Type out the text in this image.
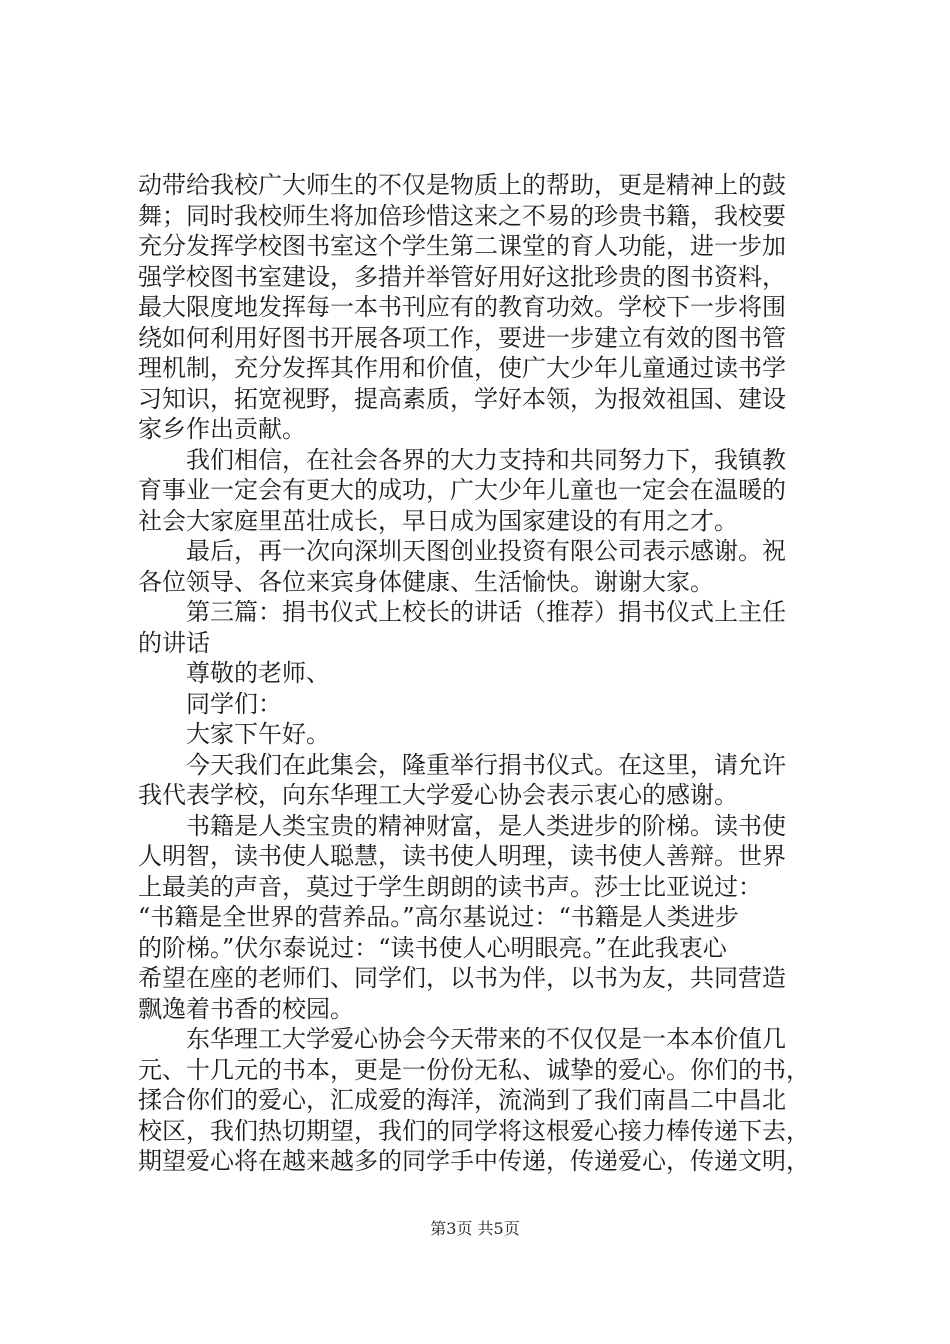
动带给我校广大师生的不仅是物质上的帮助，更是精神上的鼓
舞；同时我校师生将加倍珍惜这来之不易的珍贵书籍，我校要
充分发挥学校图书室这个学生第二课堂的育人功能，进一步加
强学校图书室建设，多措并举管好用好这批珍贵的图书资料，
最大限度地发挥每一本书刊应有的教育功效。学校下一步将围
绕如何利用好图书开展各项工作，要进一步建立有效的图书管
理机制，充分发挥其作用和价值，使广大少年儿童通过读书学
习知识，拓宽视野，提高素质，学好本领，为报效祖国、建设
家乡作出贡献。
我们相信，在社会各界的大力支持和共同努力下，我镇教
育事业一定会有更大的成功，广大少年儿童也一定会在温暖的
社会大家庭里茁壮成长，早日成为国家建设的有用之才。
最后，再一次向深圳天图创业投资有限公司表示感谢。祝
各位领导、各位来宾身体健康、生活愉快。谢谢大家。
第三篇：捐书仪式上校长的讲话（推荐）捐书仪式上主任
的讲话
尊敬的老师、
同学们：
大家下午好。
今天我们在此集会，隆重举行捐书仪式。在这里，请允许
我代表学校，向东华理工大学爱心协会表示衷心的感谢。
书籍是人类宝贵的精神财富，是人类进步的阶梯。读书使
人明智，读书使人聪慧，读书使人明理，读书使人善辩。世界
上最美的声音，莫过于学生朗朗的读书声。莎士比亚说过：
“书籍是全世界的营养品。”高尔基说过：“书籍是人类进步
的阶梯。”伏尔泰说过：“读书使人心明眼亮。”在此我衷心
希望在座的老师们、同学们，以书为伴，以书为友，共同营造
飘逸着书香的校园。
东华理工大学爱心协会今天带来的不仅仅是一本本价值几
元、十几元的书本，更是一份份无私、诚挚的爱心。你们的书，
揉合你们的爱心，汇成爱的海洋，流淌到了我们南昌二中昌北
校区，我们热切期望，我们的同学将这根爱心接力棒传递下去，
期望爱心将在越来越多的同学手中传递，传递爱心，传递文明，
第3页 共5页
